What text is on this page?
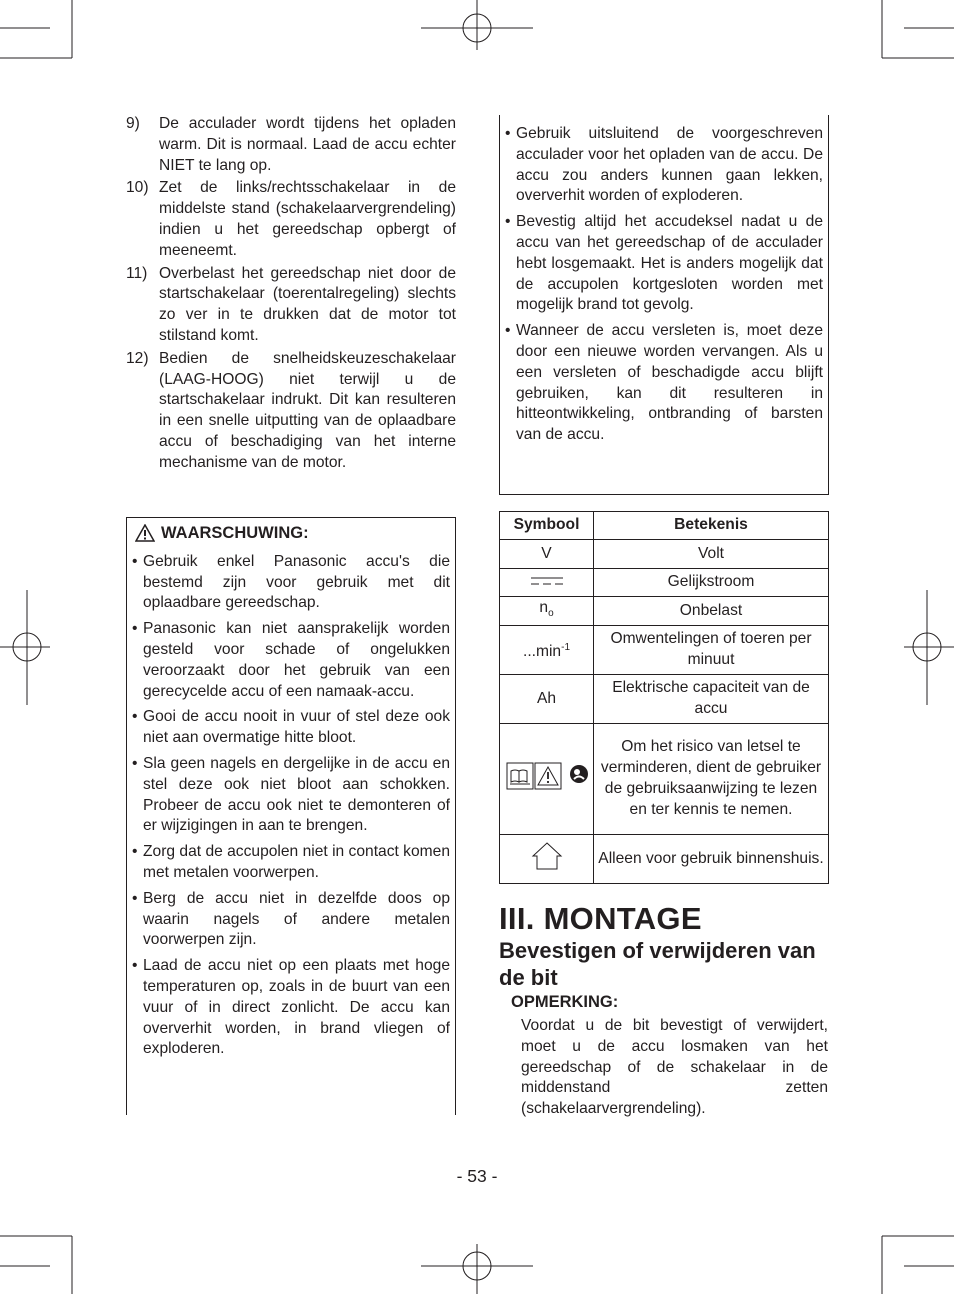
9) De acculader wordt tijdens het opladen warm. Dit is normaal. Laad de accu echter NIET te lang op.
10) Zet de links/rechtsschakelaar in de middelste stand (schakelaarvergrendeling) indien u het gereedschap opbergt of meeneemt.
11) Overbelast het gereedschap niet door de startschakelaar (toerentalregeling) slechts zo ver in te drukken dat de motor tot stilstand komt.
12) Bedien de snelheidskeuzeschakelaar (LAAG-HOOG) niet terwijl u de startschakelaar indrukt. Dit kan resulteren in een snelle uitputting van de oplaadbare accu of beschadiging van het interne mechanisme van de motor.
WAARSCHUWING:
• Gebruik enkel Panasonic accu's die bestemd zijn voor gebruik met dit oplaadbare gereedschap.
• Panasonic kan niet aansprakelijk worden gesteld voor schade of ongelukken veroorzaakt door het gebruik van een gerecycelde accu of een namaak-accu.
• Gooi de accu nooit in vuur of stel deze ook niet aan overmatige hitte bloot.
• Sla geen nagels en dergelijke in de accu en stel deze ook niet bloot aan schokken. Probeer de accu ook niet te demonteren of er wijzigingen in aan te brengen.
• Zorg dat de accupolen niet in contact komen met metalen voorwerpen.
• Berg de accu niet in dezelfde doos op waarin nagels of andere metalen voorwerpen zijn.
• Laad de accu niet op een plaats met hoge temperaturen op, zoals in de buurt van een vuur of in direct zonlicht. De accu kan oververhit worden, in brand vliegen of exploderen.
• Gebruik uitsluitend de voorgeschreven acculader voor het opladen van de accu. De accu zou anders kunnen gaan lekken, oververhit worden of exploderen.
• Bevestig altijd het accudeksel nadat u de accu van het gereedschap of de acculader hebt losgemaakt. Het is anders mogelijk dat de accupolen kortgesloten worden met mogelijk brand tot gevolg.
• Wanneer de accu versleten is, moet deze door een nieuwe worden vervangen. Als u een versleten of beschadigde accu blijft gebruiken, kan dit resulteren in hitteontwikkeling, ontbranding of barsten van de accu.
Symbool	Betekenis
V	Volt
	Gelijkstroom
$n_o$	Onbelast
$...\min^{-1}$	Omwentelingen of toeren per minuut
Ah	Elektrische capaciteit van de accu
	Om het risico van letsel te verminderen, dient de gebruiker de gebruiksaanwijzing te lezen en ter kennis te nemen.
	Alleen voor gebruik binnenshuis.
III. MONTAGE
Bevestigen of verwijderen van de bit
OPMERKING:
Voordat u de bit bevestigt of verwijdert, moet u de accu losmaken van het gereedschap of de schakelaar in de middenstand zetten (schakelaarvergrendeling).
- 53 -
